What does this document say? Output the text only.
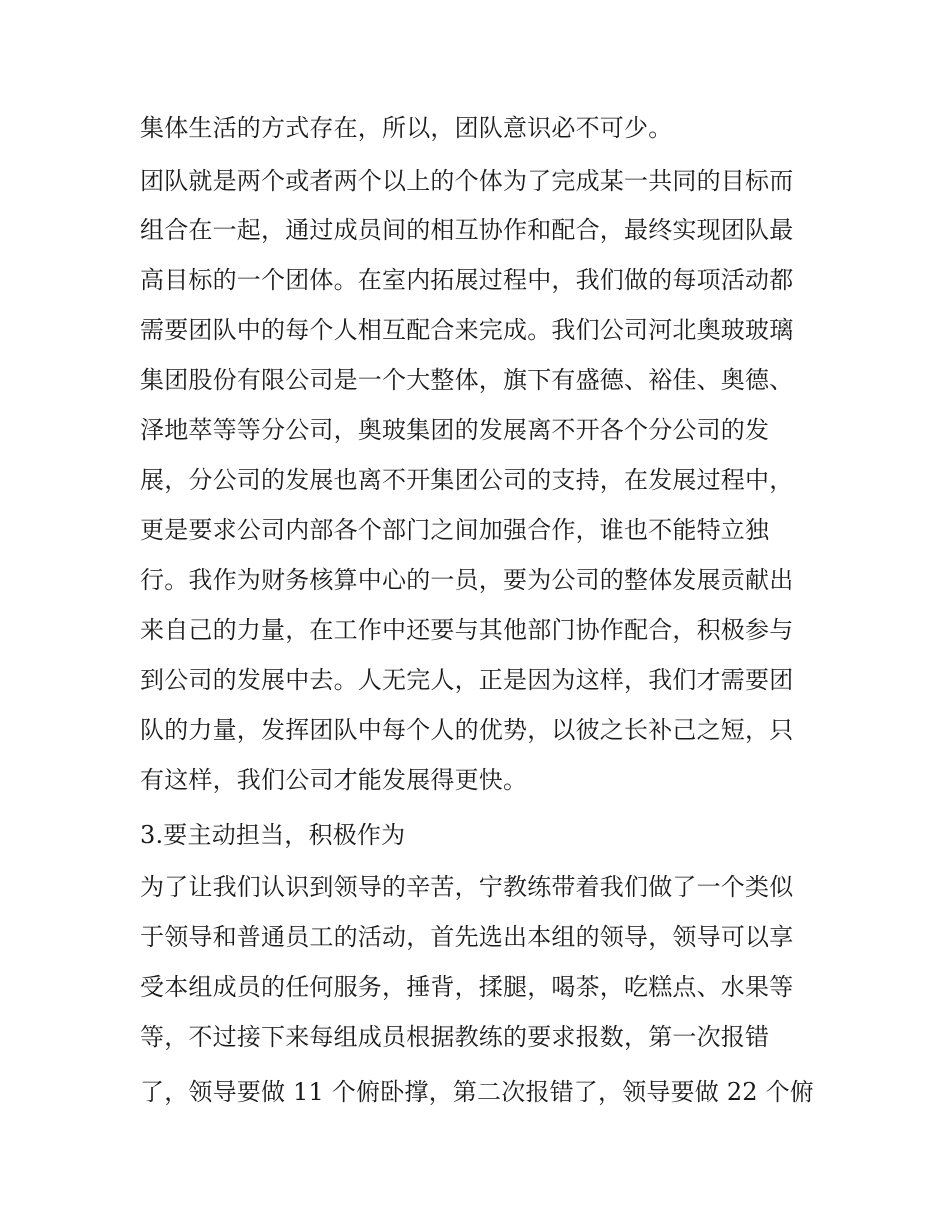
集体生活的方式存在，所以，团队意识必不可少。
团队就是两个或者两个以上的个体为了完成某一共同的目标而
组合在一起，通过成员间的相互协作和配合，最终实现团队最
高目标的一个团体。在室内拓展过程中，我们做的每项活动都
需要团队中的每个人相互配合来完成。我们公司河北奥玻玻璃
集团股份有限公司是一个大整体，旗下有盛德、裕佳、奥德、
泽地萃等等分公司，奥玻集团的发展离不开各个分公司的发
展，分公司的发展也离不开集团公司的支持，在发展过程中，
更是要求公司内部各个部门之间加强合作，谁也不能特立独
行。我作为财务核算中心的一员，要为公司的整体发展贡献出
来自己的力量，在工作中还要与其他部门协作配合，积极参与
到公司的发展中去。人无完人，正是因为这样，我们才需要团
队的力量，发挥团队中每个人的优势，以彼之长补己之短，只
有这样，我们公司才能发展得更快。
3.要主动担当，积极作为
为了让我们认识到领导的辛苦，宁教练带着我们做了一个类似
于领导和普通员工的活动，首先选出本组的领导，领导可以享
受本组成员的任何服务，捶背，揉腿，喝茶，吃糕点、水果等
等，不过接下来每组成员根据教练的要求报数，第一次报错
了，领导要做 11 个俯卧撑，第二次报错了，领导要做 22 个俯
